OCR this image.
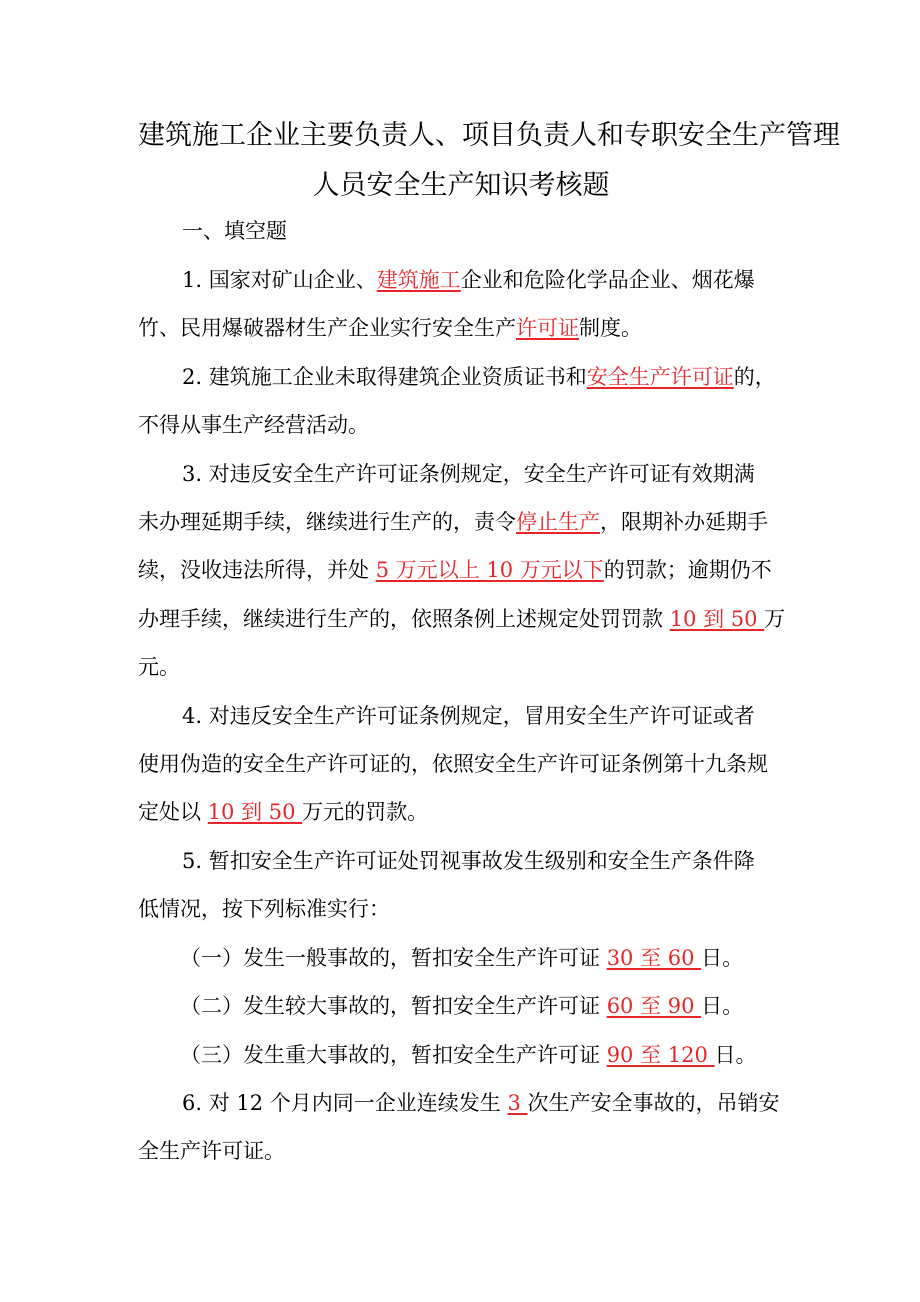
建筑施工企业主要负责人、项目负责人和专职安全生产管理
人员安全生产知识考核题
一、填空题
1. 国家对矿山企业、建筑施工企业和危险化学品企业、烟花爆
竹、民用爆破器材生产企业实行安全生产许可证制度。
2. 建筑施工企业未取得建筑企业资质证书和安全生产许可证的，
不得从事生产经营活动。
3. 对违反安全生产许可证条例规定，安全生产许可证有效期满
未办理延期手续，继续进行生产的，责令停止生产，限期补办延期手
续，没收违法所得，并处 5 万元以上 10 万元以下的罚款；逾期仍不
办理手续，继续进行生产的，依照条例上述规定处罚罚款 10 到 50 万
元。
4. 对违反安全生产许可证条例规定，冒用安全生产许可证或者
使用伪造的安全生产许可证的，依照安全生产许可证条例第十九条规
定处以 10 到 50 万元的罚款。
5. 暂扣安全生产许可证处罚视事故发生级别和安全生产条件降
低情况，按下列标准实行：
（一）发生一般事故的，暂扣安全生产许可证 30 至 60 日。
（二）发生较大事故的，暂扣安全生产许可证 60 至 90 日。
（三）发生重大事故的，暂扣安全生产许可证 90 至 120 日。
6. 对 12 个月内同一企业连续发生 3 次生产安全事故的，吊销安
全生产许可证。
